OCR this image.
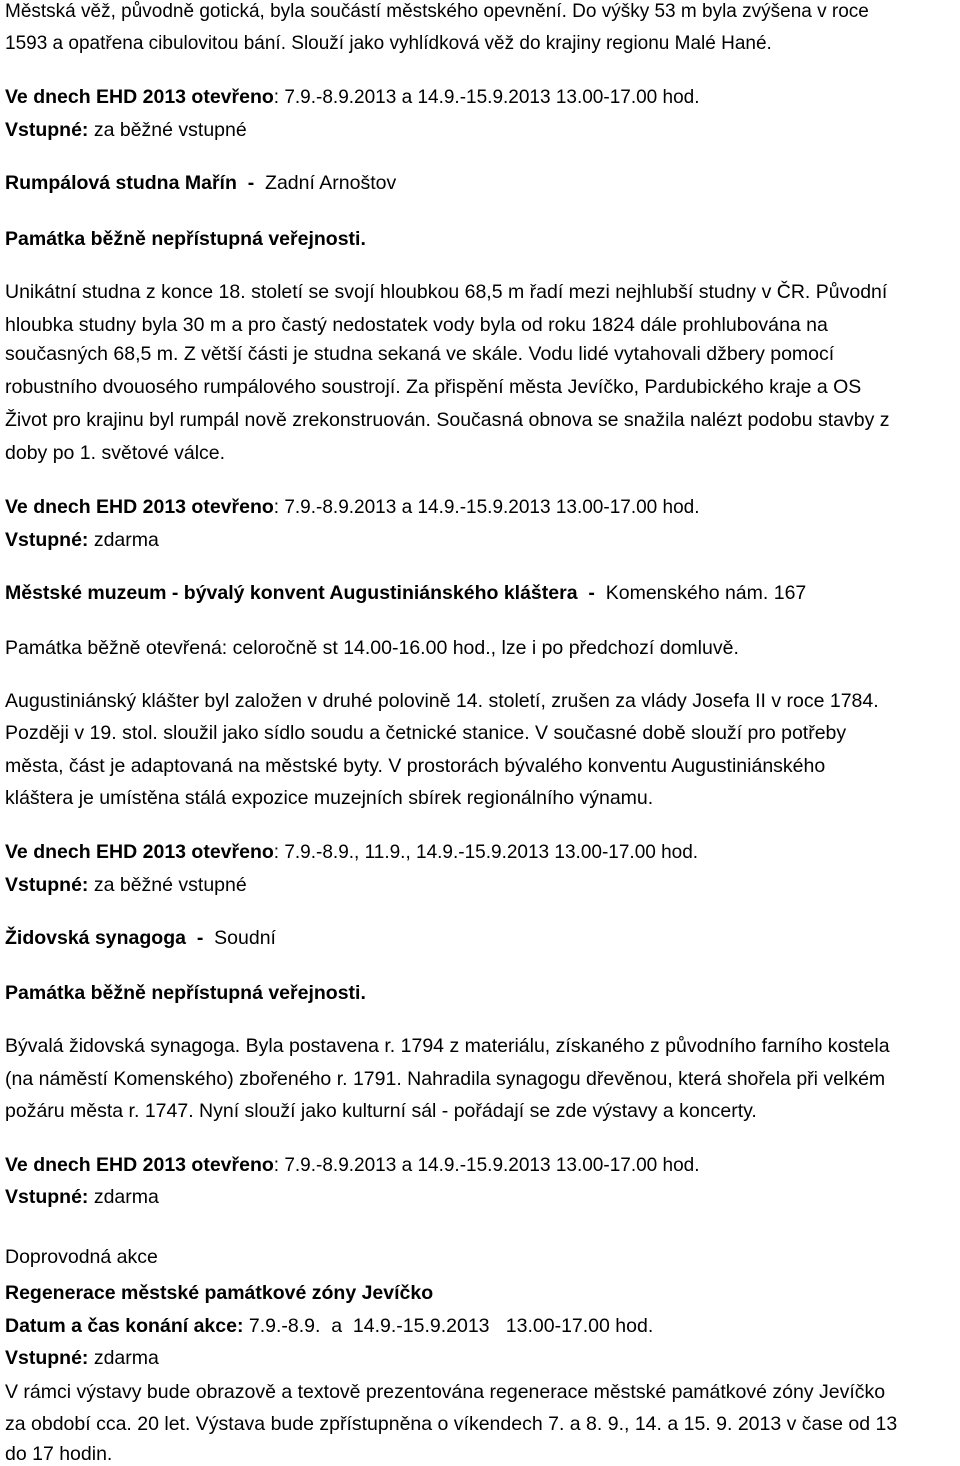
Městská věž, původně gotická, byla součástí městského opevnění. Do výšky 53 m byla zvýšena v roce
1593 a opatřena cibulovitou bání. Slouží jako vyhlídková věž do krajiny regionu Malé Hané.
Ve dnech EHD 2013 otevřeno: 7.9.-8.9.2013 a 14.9.-15.9.2013 13.00-17.00 hod.
Vstupné: za běžné vstupné
Rumpálová studna Mařín  -  Zadní Arnoštov
Památka běžně nepřístupná veřejnosti.
Unikátní studna z konce 18. století se svojí hloubkou 68,5 m řadí mezi nejhlubší studny v ČR. Původní
hloubka studny byla 30 m a pro častý nedostatek vody byla od roku 1824 dále prohlubována na
současných 68,5 m. Z větší části je studna sekaná ve skále. Vodu lidé vytahovali džbery pomocí
robustního dvouosého rumpálového soustrojí. Za přispění města Jevíčko, Pardubického kraje a OS
Život pro krajinu byl rumpál nově zrekonstruován. Současná obnova se snažila nalézt podobu stavby z
doby po 1. světové válce.
Ve dnech EHD 2013 otevřeno: 7.9.-8.9.2013 a 14.9.-15.9.2013 13.00-17.00 hod.
Vstupné: zdarma
Městské muzeum - bývalý konvent Augustiniánského kláštera  -  Komenského nám. 167
Památka běžně otevřená: celoročně st 14.00-16.00 hod., lze i po předchozí domluvě.
Augustiniánský klášter byl založen v druhé polovině 14. století, zrušen za vlády Josefa II v roce 1784.
Později v 19. stol. sloužil jako sídlo soudu a četnické stanice. V současné době slouží pro potřeby
města, část je adaptovaná na městské byty. V prostorách bývalého konventu Augustiniánského
kláštera je umístěna stálá expozice muzejních sbírek regionálního výnamu.
Ve dnech EHD 2013 otevřeno: 7.9.-8.9., 11.9., 14.9.-15.9.2013 13.00-17.00 hod.
Vstupné: za běžné vstupné
Židovská synagoga  -  Soudní
Památka běžně nepřístupná veřejnosti.
Bývalá židovská synagoga. Byla postavena r. 1794 z materiálu, získaného z původního farního kostela
(na náměstí Komenského) zbořeného r. 1791. Nahradila synagogu dřevěnou, která shořela při velkém
požáru města r. 1747. Nyní slouží jako kulturní sál - pořádají se zde výstavy a koncerty.
Ve dnech EHD 2013 otevřeno: 7.9.-8.9.2013 a 14.9.-15.9.2013 13.00-17.00 hod.
Vstupné: zdarma
Doprovodná akce
Regenerace městské památkové zóny Jevíčko
Datum a čas konání akce: 7.9.-8.9.  a  14.9.-15.9.2013   13.00-17.00 hod.
Vstupné: zdarma
V rámci výstavy bude obrazově a textově prezentována regenerace městské památkové zóny Jevíčko
za období cca. 20 let. Výstava bude zpřístupněna o víkendech 7. a 8. 9., 14. a 15. 9. 2013 v čase od 13
do 17 hodin.
